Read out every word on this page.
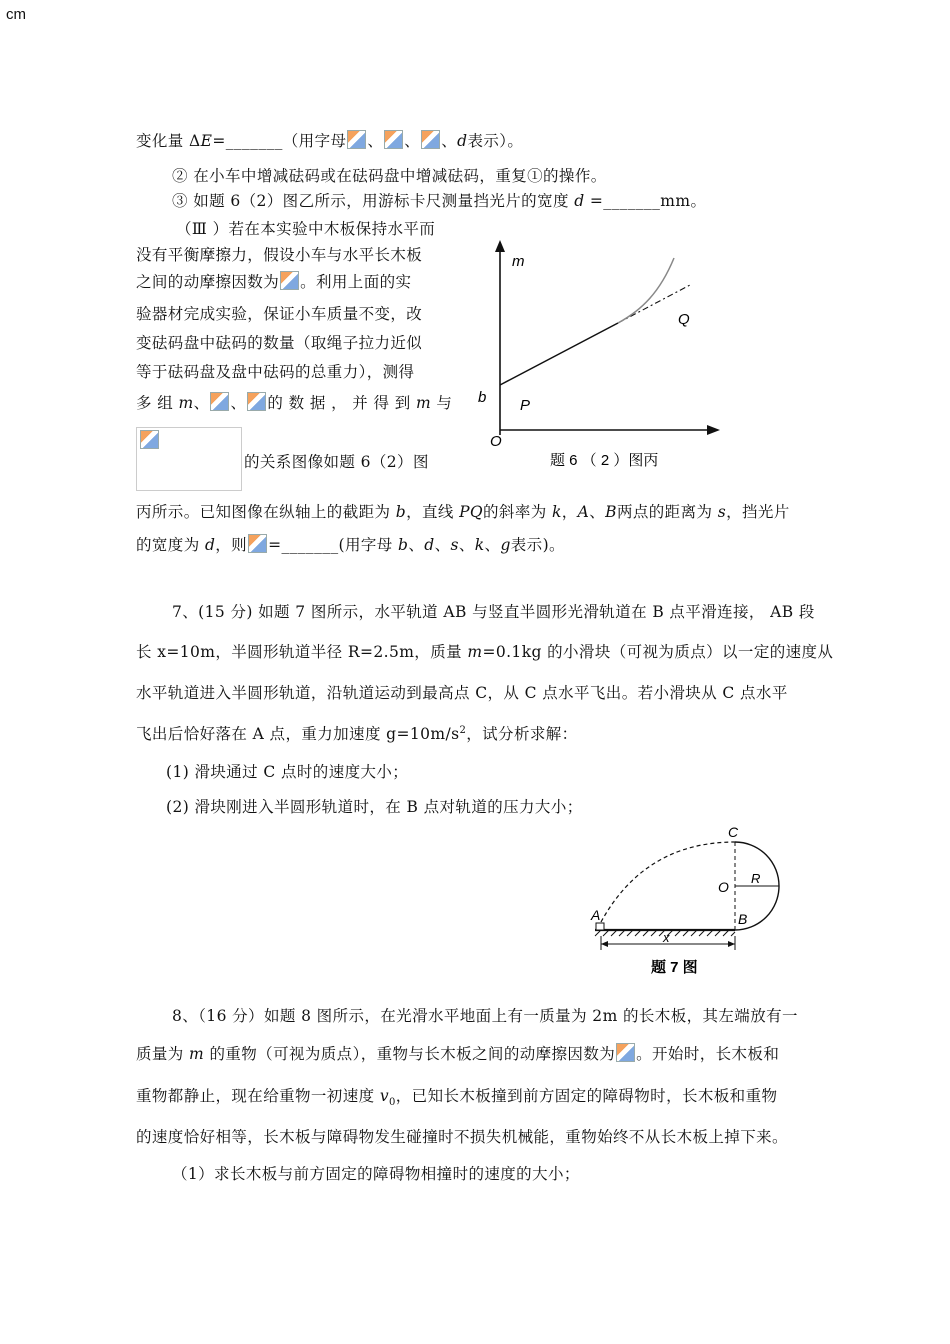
cm
变化量 ΔE=_______（用字母 、 、 、d表示）。
② 在小车中增减砝码或在砝码盘中增减砝码，重复①的操作。
③ 如题 6（2）图乙所示，用游标卡尺测量挡光片的宽度 d =_______mm。
（Ⅲ ）若在本实验中木板保持水平而
没有平衡摩擦力，假设小车与水平长木板
之间的动摩擦因数为 。利用上面的实
验器材完成实验，保证小车质量不变，改
变砝码盘中砝码的数量（取绳子拉力近似
等于砝码盘及盘中砝码的总重力），测得
多 组 m、 、 的 数 据 ， 并 得 到 m 与
的关系图像如题 6（2）图
丙所示。已知图像在纵轴上的截距为 b，直线 PQ的斜率为 k，A、B两点的距离为 s，挡光片
的宽度为 d，则 =_______(用字母 b、d、s、k、g表示)。
m
b P
Q
O
题 6 （ 2 ）图丙
7、(15 分) 如题 7 图所示，水平轨道 AB 与竖直半圆形光滑轨道在 B 点平滑连接， AB 段
长 x=10m，半圆形轨道半径 R=2.5m，质量 m=0.1kg 的小滑块（可视为质点）以一定的速度从
水平轨道进入半圆形轨道，沿轨道运动到最高点 C，从 C 点水平飞出。若小滑块从 C 点水平
飞出后恰好落在 A 点，重力加速度 $g=10m/s^2$，试分析求解：
(1) 滑块通过 C 点时的速度大小；
(2) 滑块刚进入半圆形轨道时，在 B 点对轨道的压力大小；
A	B
C
O
R
x
题 7 图
8、（16 分）如题 8 图所示，在光滑水平地面上有一质量为 2m 的长木板，其左端放有一
质量为 m 的重物（可视为质点），重物与长木板之间的动摩擦因数为 。开始时，长木板和
重物都静止，现在给重物一初速度 $v_0$，已知长木板撞到前方固定的障碍物时，长木板和重物
的速度恰好相等，长木板与障碍物发生碰撞时不损失机械能，重物始终不从长木板上掉下来。
（1）求长木板与前方固定的障碍物相撞时的速度的大小；
